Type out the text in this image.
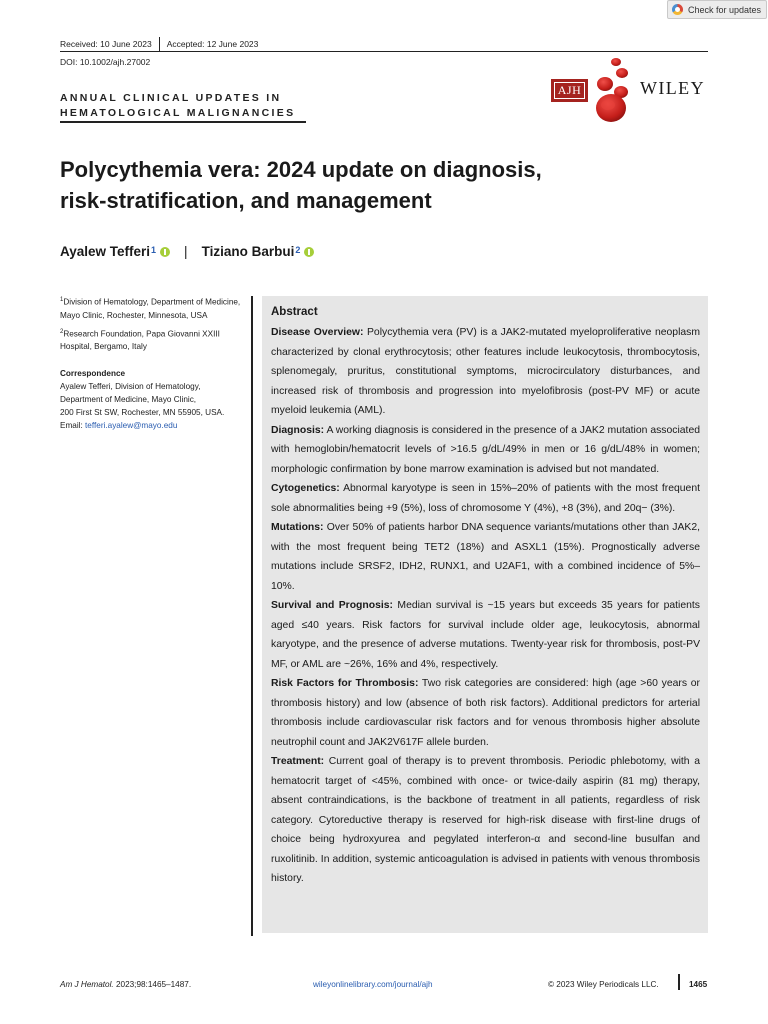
Check for updates
Received: 10 June 2023 Accepted: 12 June 2023
DOI: 10.1002/ajh.27002
ANNUAL CLINICAL UPDATES IN
HEMATOLOGICAL MALIGNANCIES
AJH	WILEY
Polycythemia vera: 2024 update on diagnosis,
risk-stratification, and management
Ayalew Tefferi$^1$ | Tiziano Barbui$^2$

$^1$Division of Hematology, Department of Medicine, Mayo Clinic, Rochester, Minnesota, USA

$^2$Research Foundation, Papa Giovanni XXIII Hospital, Bergamo, Italy

Correspondence

Ayalew Tefferi, Division of Hematology,
Department of Medicine, Mayo Clinic,
200 First St SW, Rochester, MN 55905, USA.
Email: tefferi.ayalew@mayo.edu

Abstract

Disease Overview: Polycythemia vera (PV) is a JAK2-mutated myeloproliferative neoplasm characterized by clonal erythrocytosis; other features include leukocytosis, thrombocytosis, splenomegaly, pruritus, constitutional symptoms, microcirculatory disturbances, and increased risk of thrombosis and progression into myelofibrosis (post-PV MF) or acute myeloid leukemia (AML).

Diagnosis: A working diagnosis is considered in the presence of a JAK2 mutation associated with hemoglobin/hematocrit levels of >16.5 g/dL/49% in men or 16 g/dL/48% in women; morphologic confirmation by bone marrow examination is advised but not mandated.

Cytogenetics: Abnormal karyotype is seen in 15%–20% of patients with the most frequent sole abnormalities being +9 (5%), loss of chromosome Y (4%), +8 (3%), and 20q− (3%).

Mutations: Over 50% of patients harbor DNA sequence variants/mutations other than JAK2, with the most frequent being TET2 (18%) and ASXL1 (15%). Prognostically adverse mutations include SRSF2, IDH2, RUNX1, and U2AF1, with a combined incidence of 5%–10%.

Survival and Prognosis: Median survival is ~15 years but exceeds 35 years for patients aged ≤40 years. Risk factors for survival include older age, leukocytosis, abnormal karyotype, and the presence of adverse mutations. Twenty-year risk for thrombosis, post-PV MF, or AML are ~26%, 16% and 4%, respectively.

Risk Factors for Thrombosis: Two risk categories are considered: high (age >60 years or thrombosis history) and low (absence of both risk factors). Additional predictors for arterial thrombosis include cardiovascular risk factors and for venous thrombosis higher absolute neutrophil count and JAK2V617F allele burden.

Treatment: Current goal of therapy is to prevent thrombosis. Periodic phlebotomy, with a hematocrit target of <45%, combined with once- or twice-daily aspirin (81 mg) therapy, absent contraindications, is the backbone of treatment in all patients, regardless of risk category. Cytoreductive therapy is reserved for high-risk disease with first-line drugs of choice being hydroxyurea and pegylated interferon-α and second-line busulfan and ruxolitinib. In addition, systemic anticoagulation is advised in patients with venous thrombosis history.

Am J Hematol. 2023;98:1465–1487.	wileyonlinelibrary.com/journal/ajh	© 2023 Wiley Periodicals LLC.	1465
